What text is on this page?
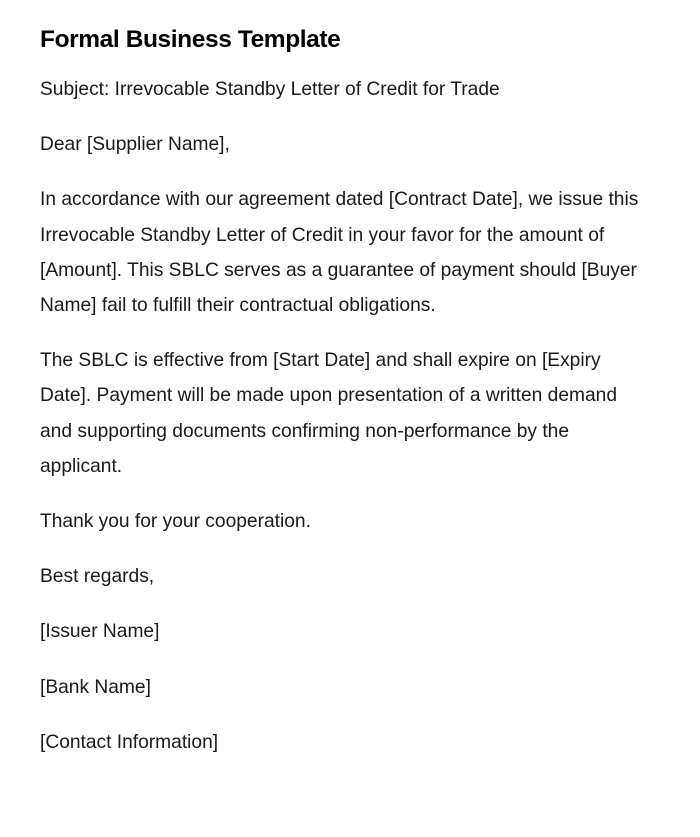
Formal Business Template

Subject: Irrevocable Standby Letter of Credit for Trade

Dear [Supplier Name],

In accordance with our agreement dated [Contract Date], we issue this Irrevocable Standby Letter of Credit in your favor for the amount of [Amount]. This SBLC serves as a guarantee of payment should [Buyer Name] fail to fulfill their contractual obligations.

The SBLC is effective from [Start Date] and shall expire on [Expiry Date]. Payment will be made upon presentation of a written demand and supporting documents confirming non-performance by the applicant.

Thank you for your cooperation.

Best regards,

[Issuer Name]

[Bank Name]

[Contact Information]
